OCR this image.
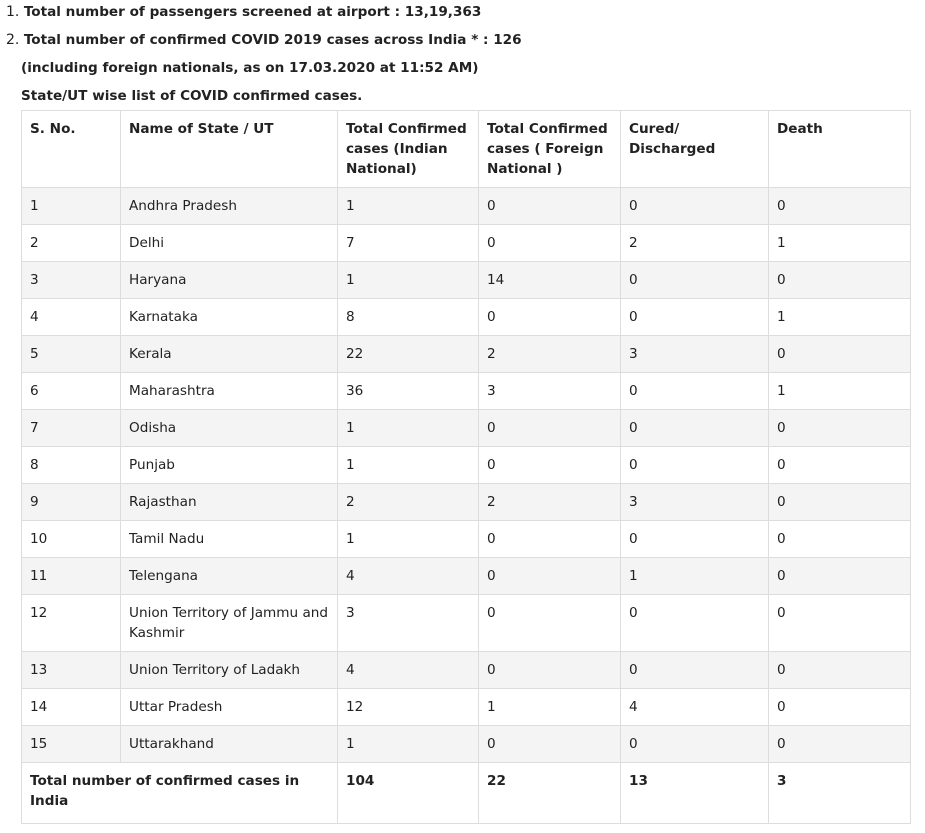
1. Total number of passengers screened at airport : 13,19,363
2. Total number of confirmed COVID 2019 cases across India * : 126
(including foreign nationals, as on 17.03.2020 at 11:52 AM)
State/UT wise list of COVID confirmed cases.
S. No.	Name of State / UT	Total Confirmed cases (Indian National)	Total Confirmed cases ( Foreign National )	Cured/ Discharged	Death
1	Andhra Pradesh	1	0	0	0
2	Delhi	7	0	2	1
3	Haryana	1	14	0	0
4	Karnataka	8	0	0	1
5	Kerala	22	2	3	0
6	Maharashtra	36	3	0	1
7	Odisha	1	0	0	0
8	Punjab	1	0	0	0
9	Rajasthan	2	2	3	0
10	Tamil Nadu	1	0	0	0
11	Telengana	4	0	1	0
12	Union Territory of Jammu and Kashmir	3	0	0	0
13	Union Territory of Ladakh	4	0	0	0
14	Uttar Pradesh	12	1	4	0
15	Uttarakhand	1	0	0	0
Total number of confirmed cases in India		104	22	13	3
